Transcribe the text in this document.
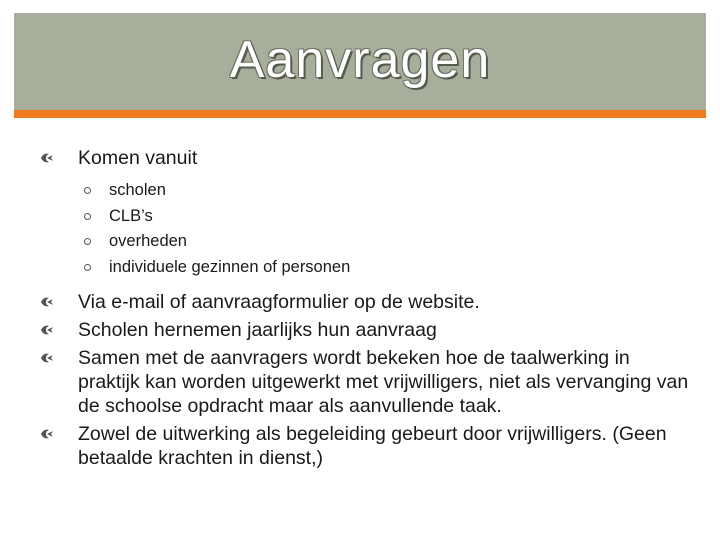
Aanvragen
Komen vanuit
scholen
CLB’s
overheden
individuele gezinnen of personen
Via e-mail of aanvraagformulier op de website.
Scholen hernemen jaarlijks hun aanvraag
Samen met de aanvragers wordt bekeken hoe de taalwerking in praktijk kan worden uitgewerkt met vrijwilligers, niet als vervanging van de schoolse opdracht maar als aanvullende taak.
Zowel de uitwerking als begeleiding gebeurt door vrijwilligers. (Geen betaalde krachten in dienst,)
